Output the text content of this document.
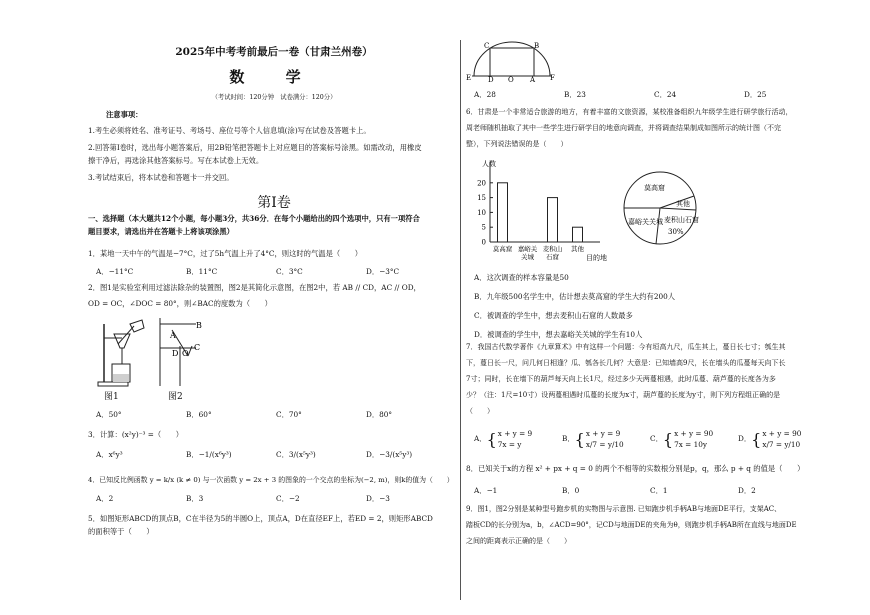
2025年中考考前最后一卷（甘肃兰州卷）
数 学
（考试时间：120分钟　试卷满分：120分）
注意事项：
1.考生必须将姓名、准考证号、考场号、座位号等个人信息填(涂)写在试卷及答题卡上。
2.回答第Ⅰ卷时，选出每小题答案后，用2B铅笔把答题卡上对应题目的答案标号涂黑。如需改动，用橡皮
擦干净后，再选涂其他答案标号。写在本试卷上无效。
3.考试结束后，将本试卷和答题卡一并交回。
第Ⅰ卷
一、选择题（本大题共12个小题，每小题3分，共36分．在每个小题给出的四个选项中，只有一项符合
题目要求，请选出并在答题卡上将该项涂黑）
1．某地一天中午的气温是−7°C，过了5h气温上升了4°C，则这时的气温是（　　）
A．−11°C	B．11°C	C．3°C	D．−3°C
2．图1是实验室利用过滤法除杂的装置图，图2是其简化示意图，在图2中，若 AB // CD，AC // OD，
OD = OC，∠DOC = 80°，则∠BAC的度数为（　　）
图1
A
B
O
C
D
图2
A．50°	B．60°	C．70°	D．80°
3．计算：(x²y)⁻³ =（　　）
A．x⁶y³	B．−1/(x⁶y³)	C．3/(x⁵y³)	D．−3/(x⁵y³)
4．已知反比例函数 y = k/x (k ≠ 0) 与一次函数 y = 2x + 3 的图象的一个交点的坐标为(−2, m)，则k的值为（　　）
A．2	B．3	C．−2	D．−3
5．如图矩形ABCD的顶点B，C在半径为5的半圆O上，顶点A，D在直径EF上，若ED = 2，则矩形ABCD
的面积等于（　　）
C	B
E D O A F
A．28	B．23	C．24	D．25
6．甘肃是一个非常适合旅游的地方，有着丰富的文旅资源，某校准备组织九年级学生进行研学旅行活动，
周老师随机抽取了其中一些学生进行研学目的地意向调查，并将调查结果制成如图所示的统计图（不完
整），下列说法错误的是（　　）
人数
目的地
0
5
10
15
20
莫高窟 嘉峪关
关城
麦积山
石窟
其他
莫高窟
其他
麦积山石窟
30%
嘉峪关关城
A．这次调查的样本容量是50
B．九年级500名学生中，估计想去莫高窟的学生大约有200人
C．被调查的学生中，想去麦积山石窟的人数最多
D．被调查的学生中，想去嘉峪关关城的学生有10人
7．我国古代数学著作《九章算术》中有这样一个问题：今有垣高九尺，瓜生其上，蔓日长七寸；瓠生其
下，蔓日长一尺，问几何日相逢？瓜、瓠各长几何？大意是：已知墙高9尺，长在墙头的瓜蔓每天向下长
7寸；同时，长在墙下的葫芦每天向上长1尺，经过多少天两蔓相遇，此时瓜蔓、葫芦蔓的长度各为多
少？（注：1尺=10寸）设两蔓相遇时瓜蔓的长度为x寸，葫芦蔓的长度为y寸，则下列方程组正确的是
（　　）
A． { x + y = 9
7x = y
B． { x + y = 9
x/7 = y/10
C． { x + y = 90
7x = 10y
D． { x + y = 90
x/7 = y/10
8．已知关于x的方程 x² + px + q = 0 的两个不相等的实数根分别是p，q，那么 p + q 的值是（　　）
A．−1	B．0	C．1	D．2
9．图1，图2分别是某种型号跑步机的实物图与示意图. 已知跑步机手柄AB与地面DE平行，支架AC、
踏板CD的长分别为a，b，∠ACD=90°，记CD与地面DE的夹角为θ，则跑步机手柄AB所在直线与地面DE
之间的距离表示正确的是（　　）
